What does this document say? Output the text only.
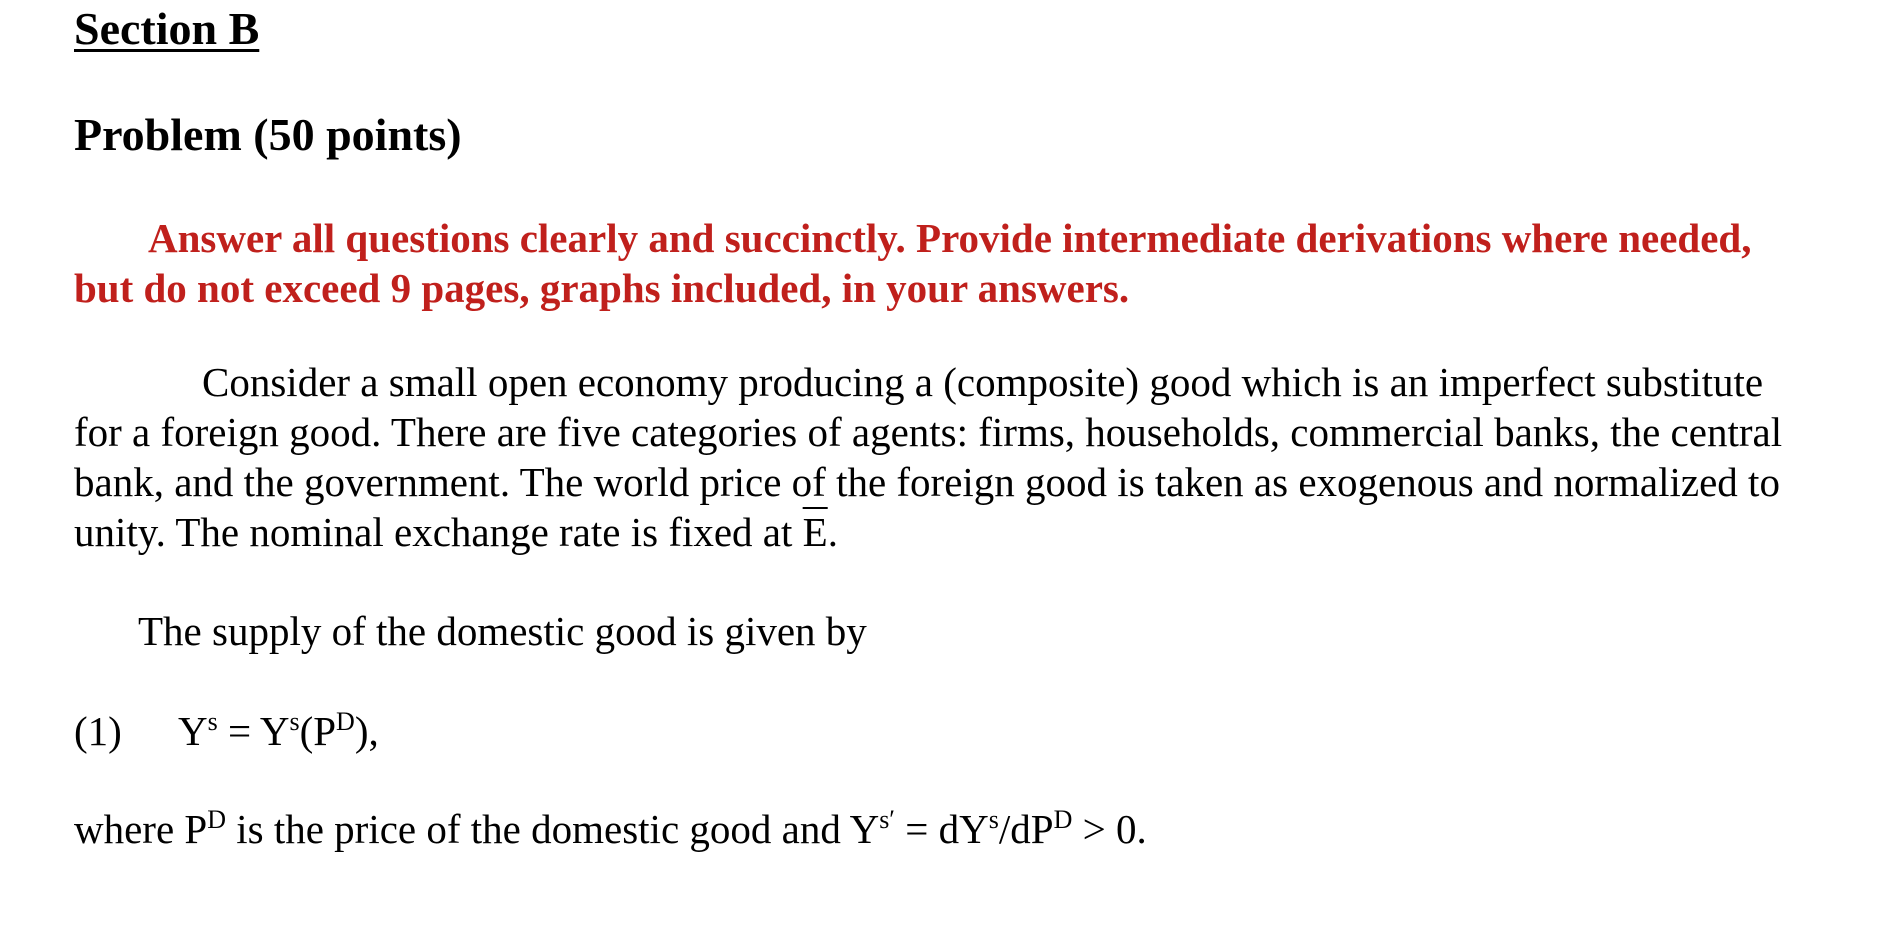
Section B
Problem (50 points)
Answer all questions clearly and succinctly. Provide intermediate derivations where needed, but do not exceed 9 pages, graphs included, in your answers.
Consider a small open economy producing a (composite) good which is an imperfect substitute for a foreign good. There are five categories of agents: firms, households, commercial banks, the central bank, and the government. The world price of the foreign good is taken as exogenous and normalized to unity. The nominal exchange rate is fixed at $\overline{E}$.
The supply of the domestic good is given by
(1) $Y^s = Y^s(P^D)$,
where $P^D$ is the price of the domestic good and $Y^{s'} = dY^s/dP^D > 0$.
